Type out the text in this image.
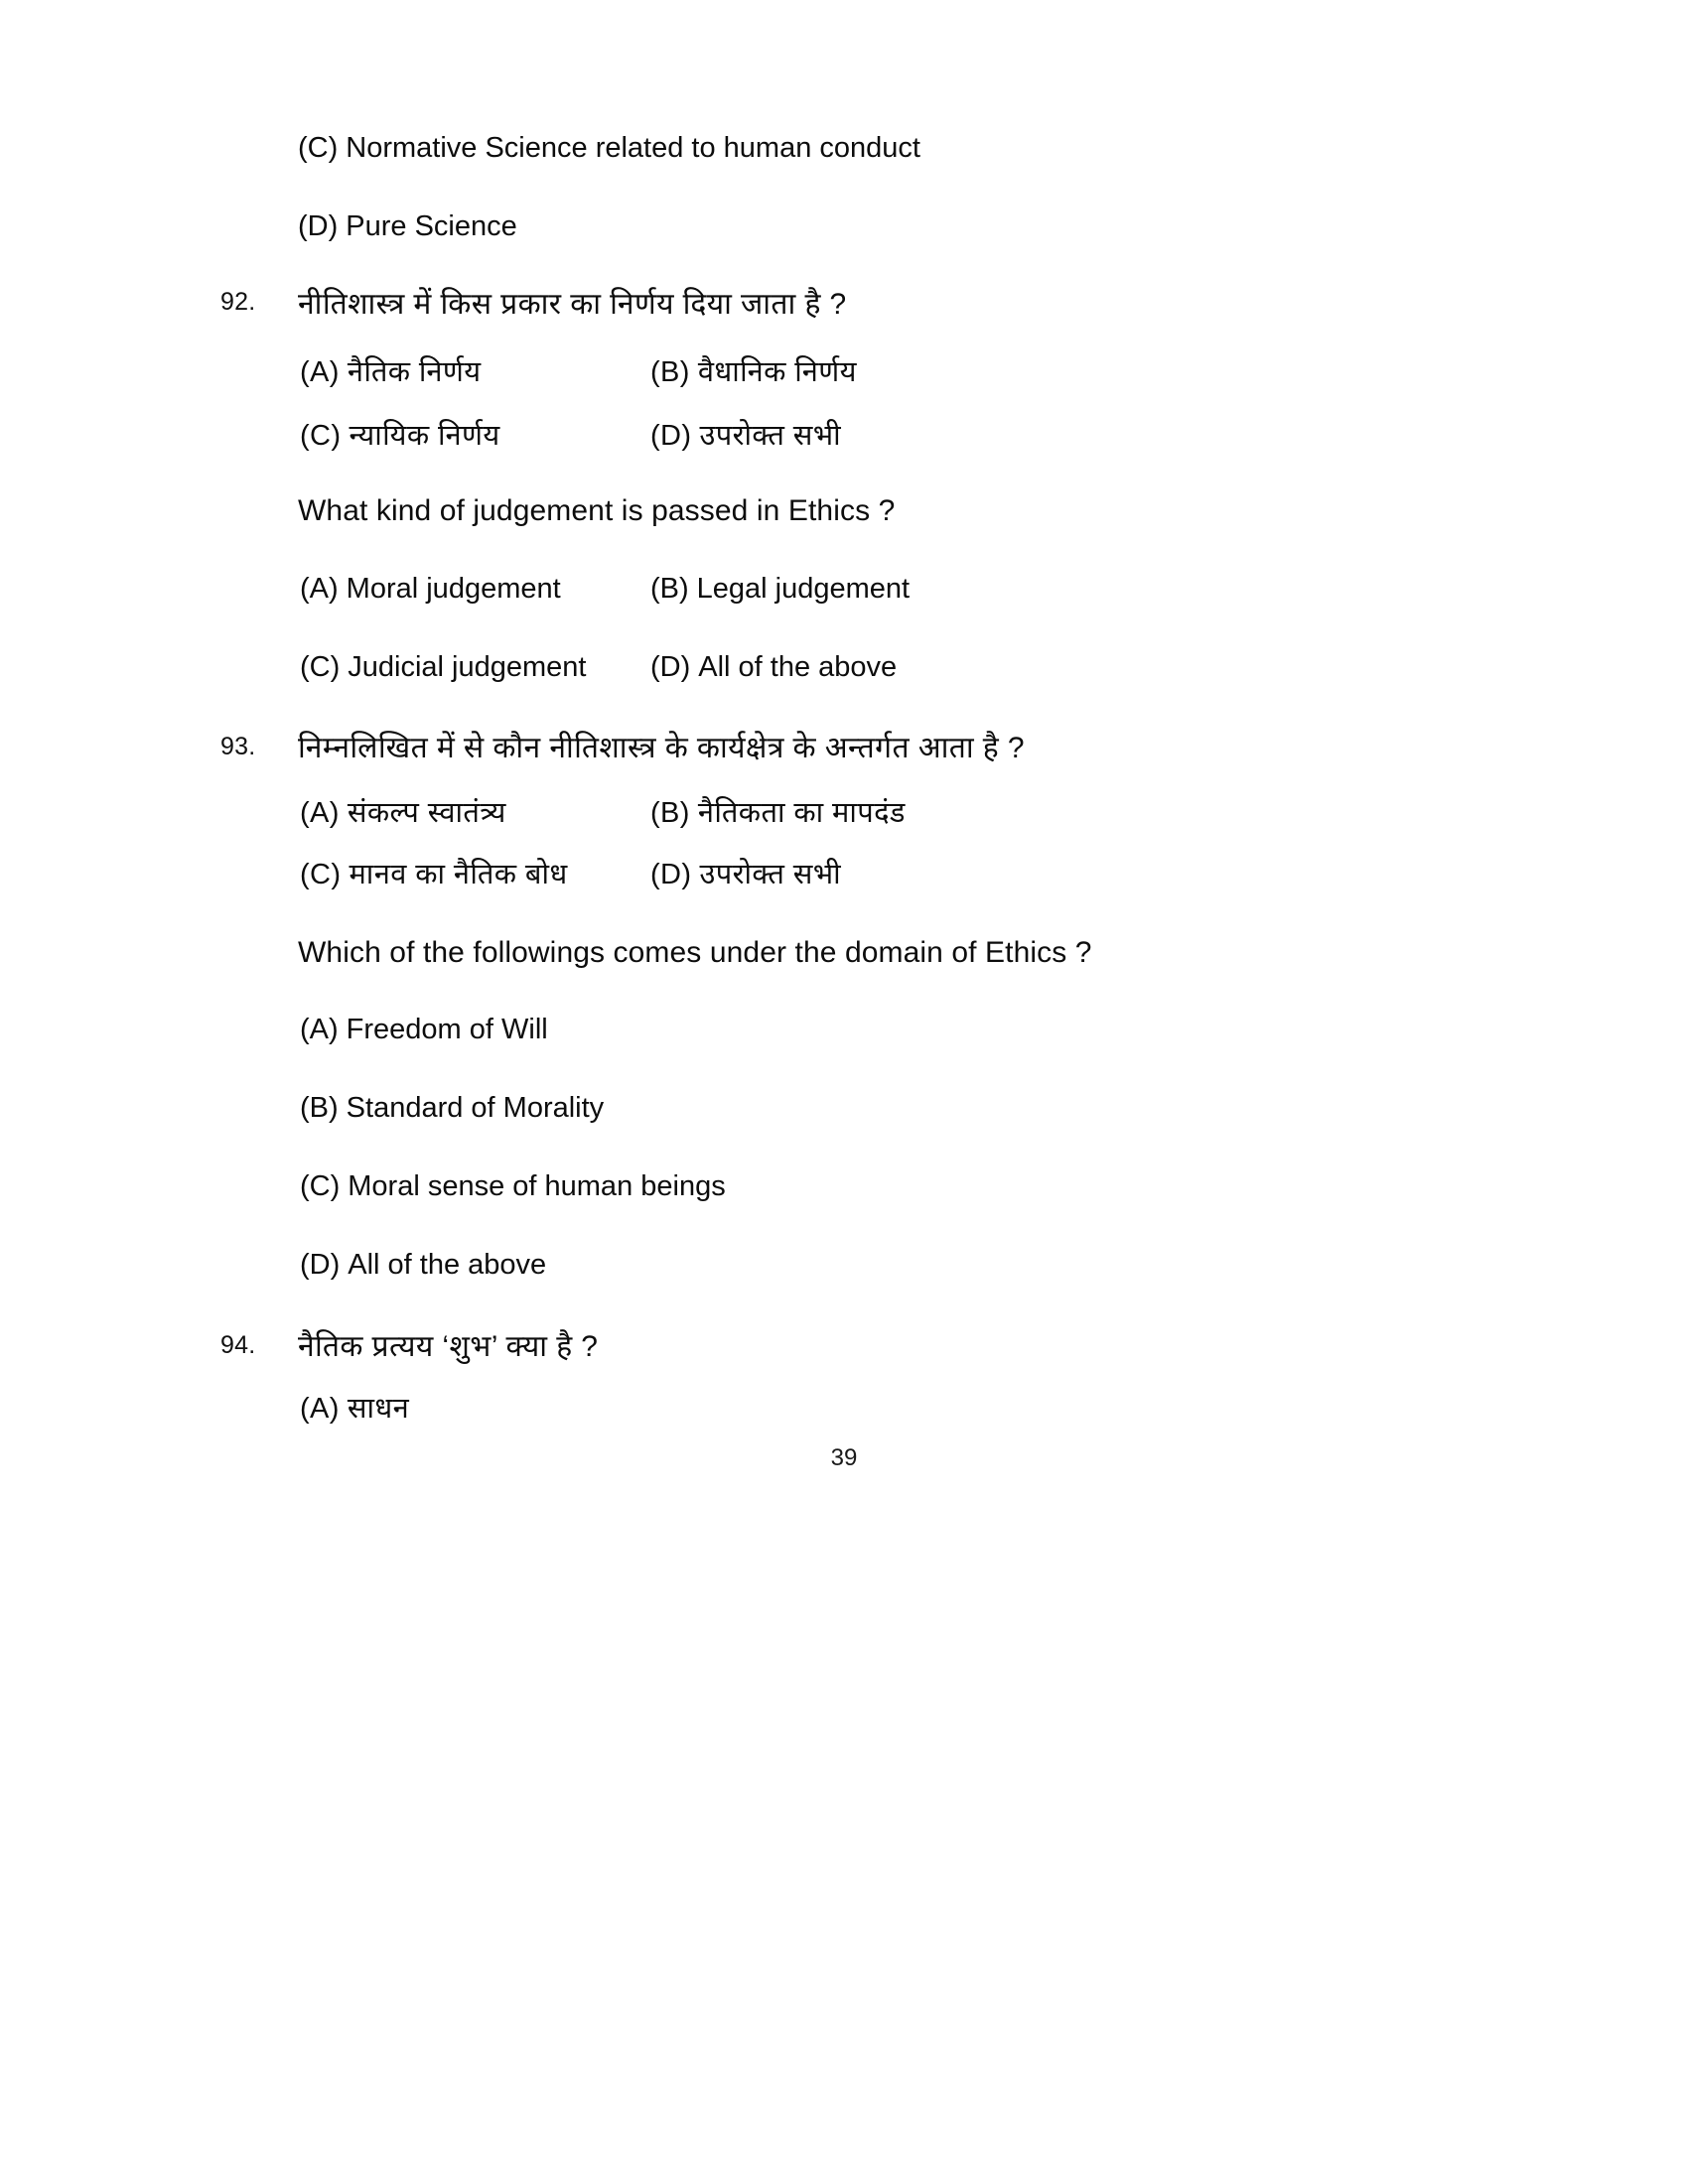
(C) Normative Science related to human conduct
(D) Pure Science
92. नीतिशास्त्र में किस प्रकार का निर्णय दिया जाता है ?
(A) नैतिक निर्णय	(B) वैधानिक निर्णय
(C) न्यायिक निर्णय	(D) उपरोक्त सभी
What kind of judgement is passed in Ethics ?
(A) Moral judgement	(B) Legal judgement
(C) Judicial judgement (D) All of the above
93. निम्नलिखित में से कौन नीतिशास्त्र के कार्यक्षेत्र के अन्तर्गत आता है ?
(A) संकल्प स्वातंत्र्य	(B) नैतिकता का मापदंड
(C) मानव का नैतिक बोध	(D) उपरोक्त सभी
Which of the followings comes under the domain of Ethics ?
(A) Freedom of Will
(B) Standard of Morality
(C) Moral sense of human beings
(D) All of the above
94. नैतिक प्रत्यय ‘शुभ’ क्या है ?
(A) साधन
39
